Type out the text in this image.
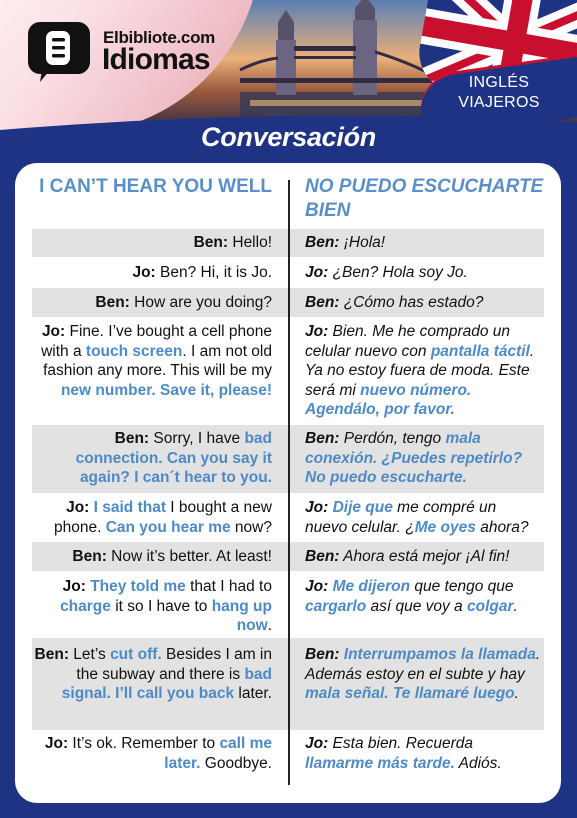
Elbibliote.com
Idiomas
INGLÉS
VIAJEROS
Conversación
I CAN’T HEAR YOU WELL NO PUEDO ESCUCHARTE BIEN
Ben: Hello! Ben: ¡Hola!
Jo: Ben? Hi, it is Jo. Jo: ¿Ben? Hola soy Jo.
Ben: How are you doing? Ben: ¿Cómo has estado?
Jo: Fine. I’ve bought a cell phone with a touch screen. I am not old fashion any more. This will be my new number. Save it, please!
Jo: Bien. Me he comprado un celular nuevo con pantalla táctil. Ya no estoy fuera de moda. Este será mi nuevo número. Agendálo, por favor.
Ben: Sorry, I have bad connection. Can you say it again? I can´t hear to you.
Ben: Perdón, tengo mala conexión. ¿Puedes repetirlo? No puedo escucharte.
Jo: I said that I bought a new phone. Can you hear me now?
Jo: Dije que me compré un nuevo celular. ¿Me oyes ahora?
Ben: Now it’s better. At least! Ben: Ahora está mejor ¡Al fin!
Jo: They told me that I had to charge it so I have to hang up now.
Jo: Me dijeron que tengo que cargarlo así que voy a colgar.
Ben: Let’s cut off. Besides I am in the subway and there is bad signal. I’ll call you back later.
Ben: Interrumpamos la llamada. Además estoy en el subte y hay mala señal. Te llamaré luego.
Jo: It’s ok. Remember to call me later. Goodbye.
Jo: Esta bien. Recuerda llamarme más tarde. Adiós.
